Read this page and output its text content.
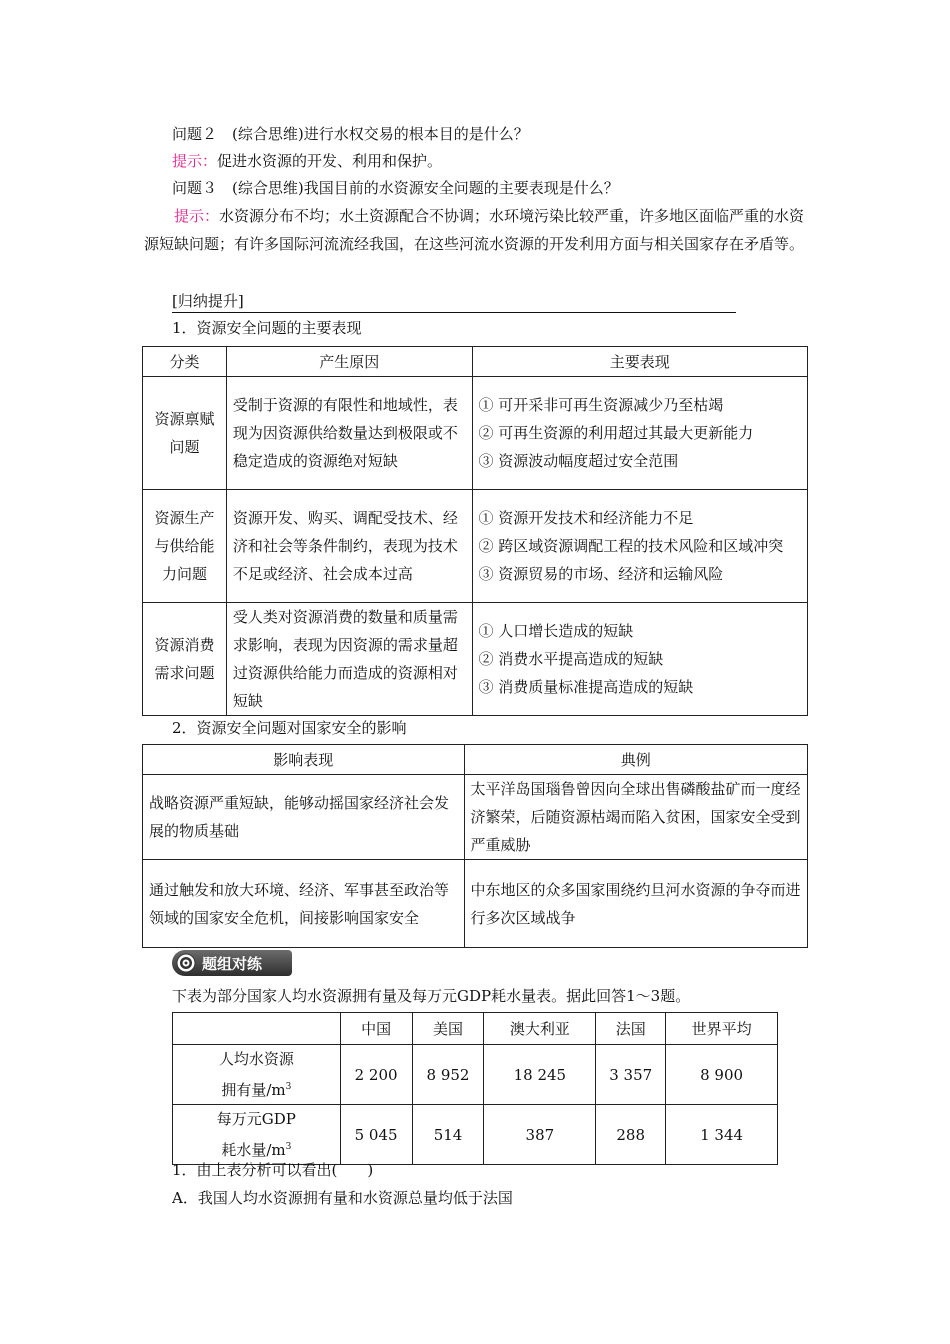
问题２　(综合思维)进行水权交易的根本目的是什么？
提示：促进水资源的开发、利用和保护。
问题３　(综合思维)我国目前的水资源安全问题的主要表现是什么？
提示：水资源分布不均；水土资源配合不协调；水环境污染比较严重，许多地区面临严重的水资源短缺问题；有许多国际河流流经我国，在这些河流水资源的开发利用方面与相关国家存在矛盾等。
[归纳提升]
1．资源安全问题的主要表现
分类	产生原因	主要表现
资源禀赋问题	受制于资源的有限性和地域性，表现为因资源供给数量达到极限或不稳定造成的资源绝对短缺	① 可开采非可再生资源减少乃至枯竭
② 可再生资源的利用超过其最大更新能力
③ 资源波动幅度超过安全范围

资源生产与供给能力问题	资源开发、购买、调配受技术、经济和社会等条件制约，表现为技术不足或经济、社会成本过高	① 资源开发技术和经济能力不足
② 跨区域资源调配工程的技术风险和区域冲突
③ 资源贸易的市场、经济和运输风险

资源消费需求问题	受人类对资源消费的数量和质量需求影响，表现为因资源的需求量超过资源供给能力而造成的资源相对短缺	① 人口增长造成的短缺
② 消费水平提高造成的短缺
③ 消费质量标准提高造成的短缺
2．资源安全问题对国家安全的影响
影响表现	典例
战略资源严重短缺，能够动摇国家经济社会发展的物质基础	太平洋岛国瑙鲁曾因向全球出售磷酸盐矿而一度经济繁荣，后随资源枯竭而陷入贫困，国家安全受到严重威胁
通过触发和放大环境、经济、军事甚至政治等领域的国家安全危机，间接影响国家安全	中东地区的众多国家围绕约旦河水资源的争夺而进行多次区域战争
题组对练
下表为部分国家人均水资源拥有量及每万元GDP耗水量表。据此回答1～3题。
	中国	美国	澳大利亚	法国	世界平均

人均水资源
拥有量$/m^3$	2 200	8 952	18 245	3 357	8 900

每万元GDP
耗水量$/m^3$	5 045	514	387	288	1 344
1．由上表分析可以看出(　　)
A．我国人均水资源拥有量和水资源总量均低于法国
